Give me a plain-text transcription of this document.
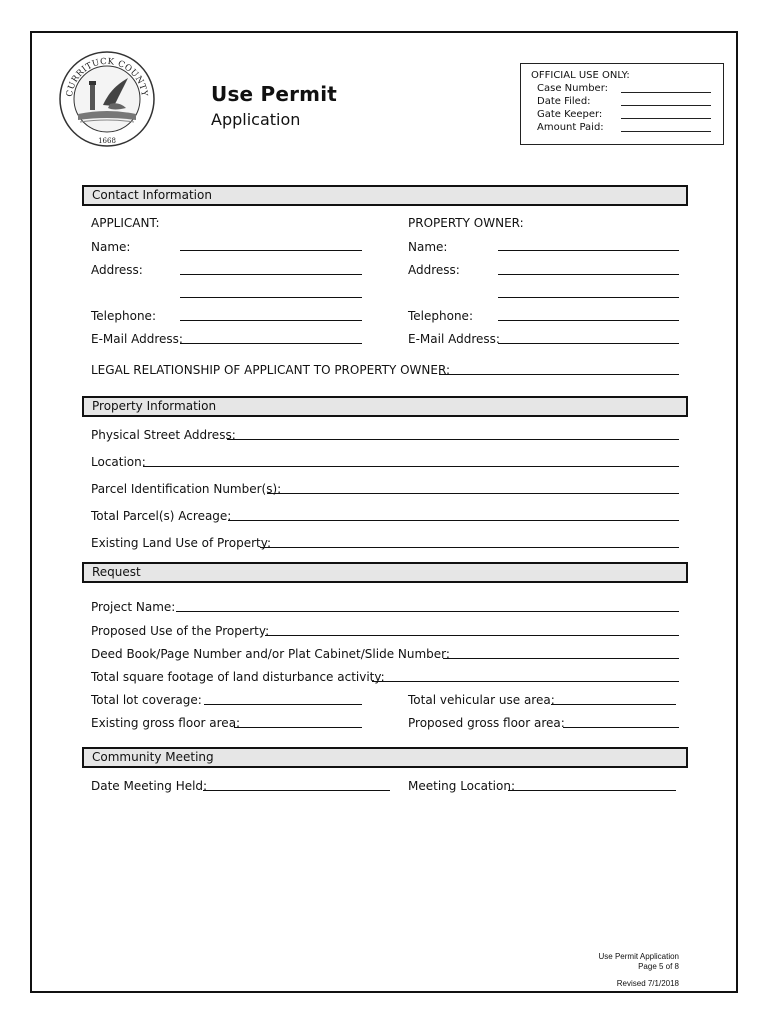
CURRITUCK COUNTY
1668
Use Permit
Application
OFFICIAL USE ONLY:
Case Number:
Date Filed:
Gate Keeper:
Amount Paid:
Contact Information
APPLICANT:	PROPERTY OWNER:
Name:	Name:
Address:	Address:
Telephone:	Telephone:
E-Mail Address:	E-Mail Address:
LEGAL RELATIONSHIP OF APPLICANT TO PROPERTY OWNER:
Property Information
Physical Street Address:
Location:
Parcel Identification Number(s):
Total Parcel(s) Acreage:
Existing Land Use of Property:
Request
Project Name:
Proposed Use of the Property:
Deed Book/Page Number and/or Plat Cabinet/Slide Number:
Total square footage of land disturbance activity:
Total lot coverage:	Total vehicular use area:
Existing gross floor area:	Proposed gross floor area:
Community Meeting
Date Meeting Held:	Meeting Location:
Use Permit Application
Page 5 of 8
Revised 7/1/2018
